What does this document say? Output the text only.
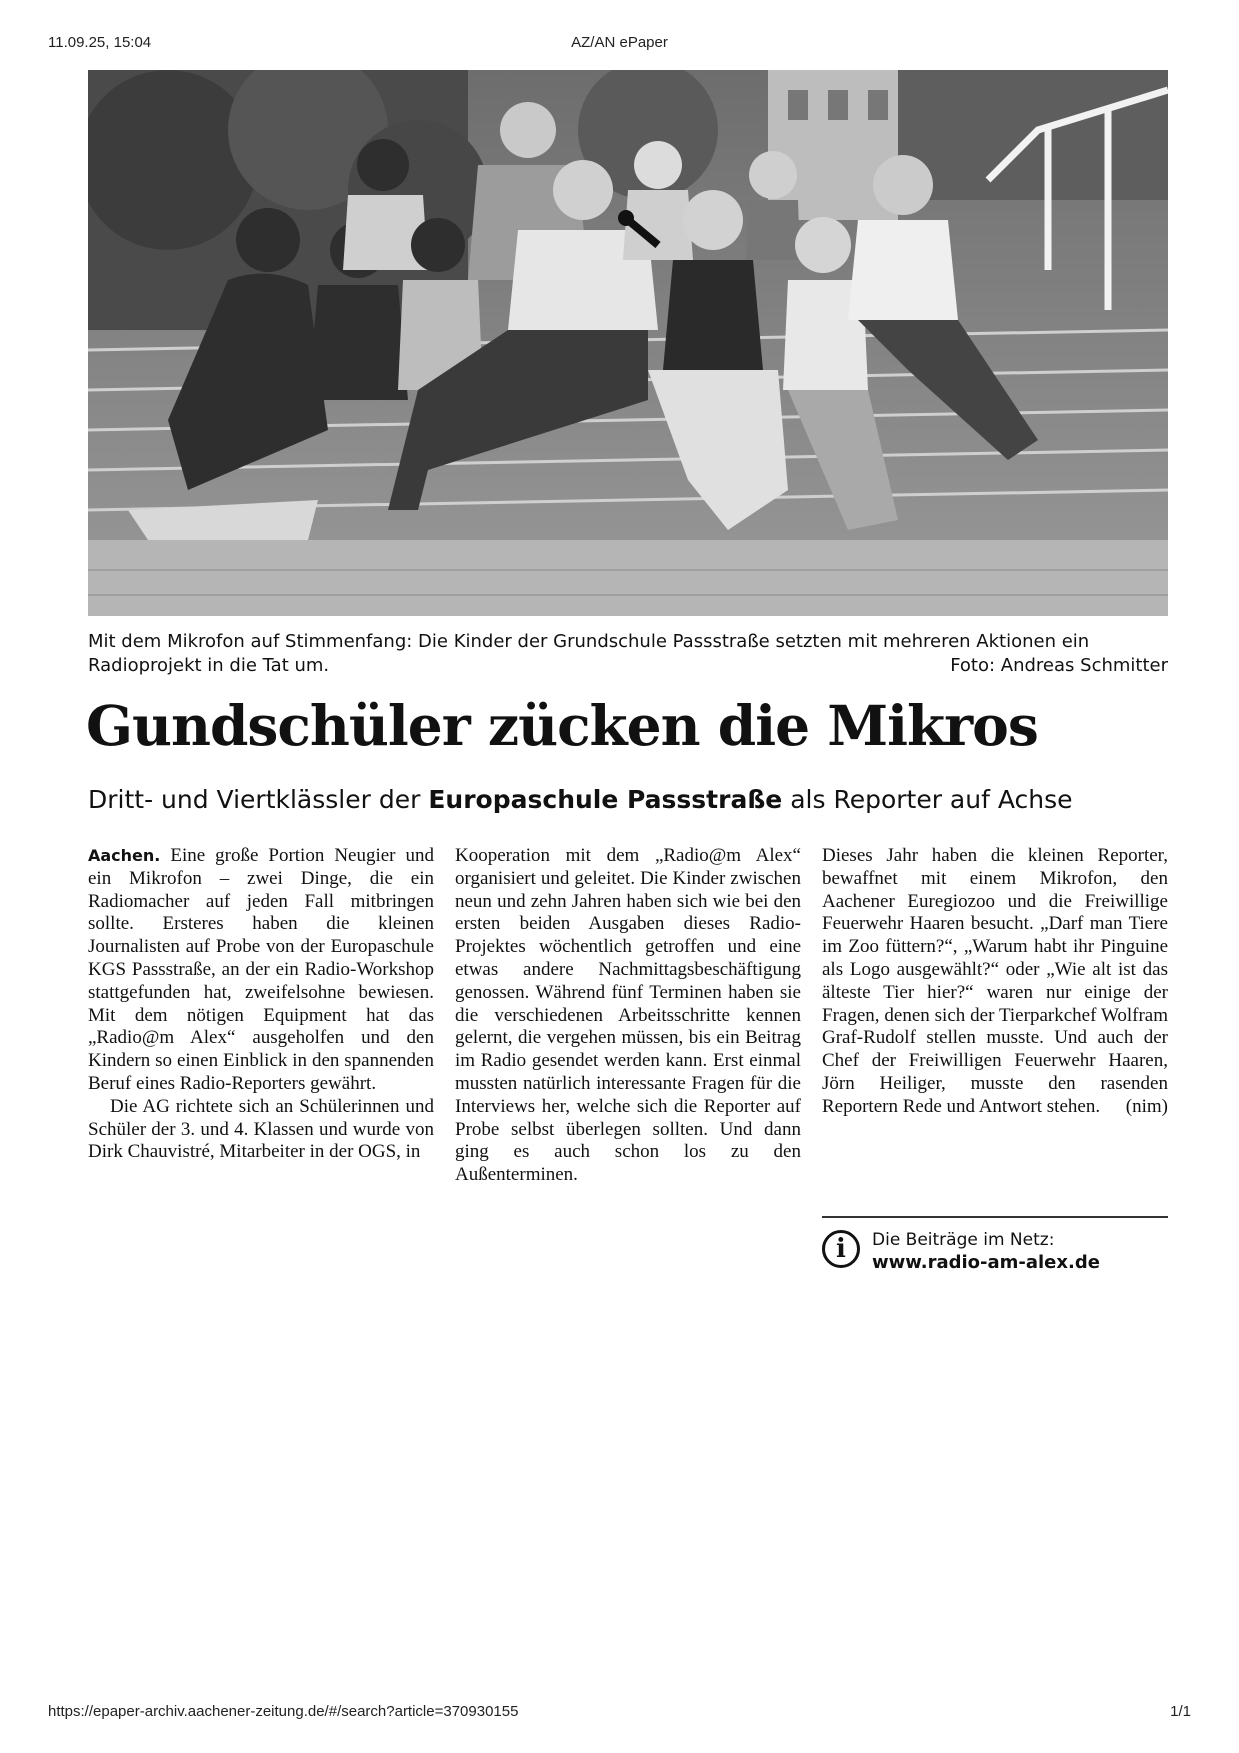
11.09.25, 15:04	AZ/AN ePaper
Mit dem Mikrofon auf Stimmenfang: Die Kinder der Grundschule Passstraße setzten mit mehreren Aktionen ein Radioprojekt in die Tat um.	Foto: Andreas Schmitter
Gundschüler zücken die Mikros
Dritt- und Viertklässler der Europaschule Passstraße als Reporter auf Achse

Aachen. Eine große Portion Neugier und ein Mikrofon – zwei Dinge, die ein Radiomacher auf jeden Fall mitbringen sollte. Ersteres haben die kleinen Journalisten auf Probe von der Europaschule KGS Passstraße, an der ein Radio-Workshop stattgefunden hat, zweifelsohne bewiesen. Mit dem nötigen Equipment hat das „Radio@m Alex“ ausgeholfen und den Kindern so einen Einblick in den spannenden Beruf eines Radio-Reporters gewährt.

Die AG richtete sich an Schülerinnen und Schüler der 3. und 4. Klassen und wurde von Dirk Chauvistré, Mitarbeiter in der OGS, in

Kooperation mit dem „Radio@m Alex“ organisiert und geleitet. Die Kinder zwischen neun und zehn Jahren haben sich wie bei den ersten beiden Ausgaben dieses Radio-Projektes wöchentlich getroffen und eine etwas andere Nachmittagsbeschäftigung genossen. Während fünf Terminen haben sie die verschiedenen Arbeitsschritte kennen gelernt, die vergehen müssen, bis ein Beitrag im Radio gesendet werden kann. Erst einmal mussten natürlich interessante Fragen für die Interviews her, welche sich die Reporter auf Probe selbst überlegen sollten. Und dann ging es auch schon los zu den Außenterminen.

Dieses Jahr haben die kleinen Reporter, bewaffnet mit einem Mikrofon, den Aachener Euregiozoo und die Freiwillige Feuerwehr Haaren besucht. „Darf man Tiere im Zoo füttern?“, „Warum habt ihr Pinguine als Logo ausgewählt?“ oder „Wie alt ist das älteste Tier hier?“ waren nur einige der Fragen, denen sich der Tierparkchef Wolfram Graf-Rudolf stellen musste. Und auch der Chef der Freiwilligen Feuerwehr Haaren, Jörn Heiliger, musste den rasenden Reportern Rede und Antwort stehen. (nim)

i	Die Beiträge im Netz:
www.radio-am-alex.de
https://epaper-archiv.aachener-zeitung.de/#/search?article=370930155	1/1
